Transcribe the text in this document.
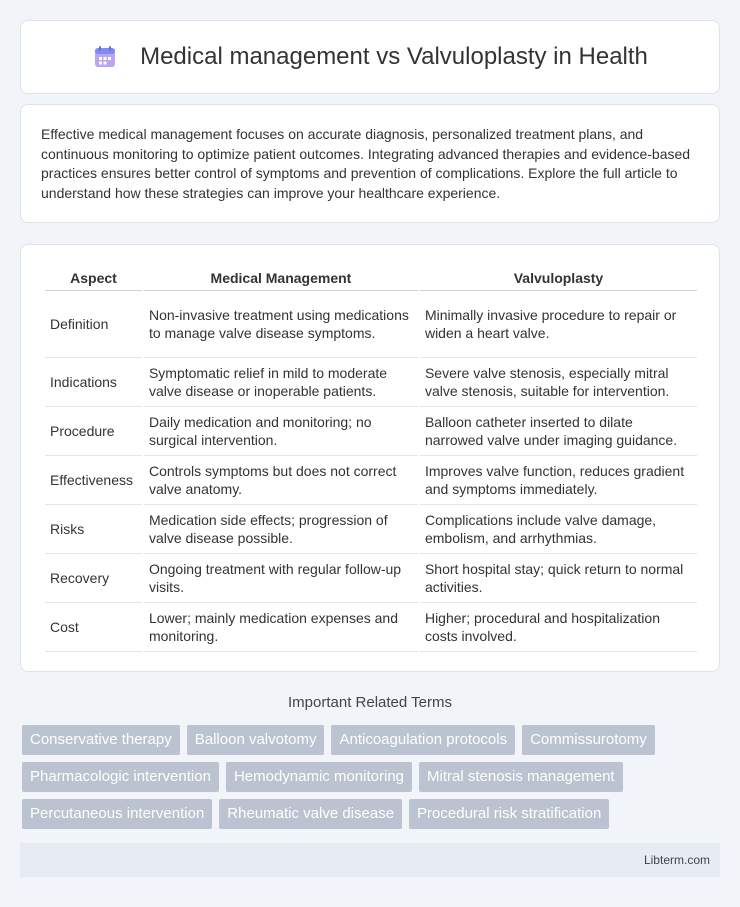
Medical management vs Valvuloplasty in Health

Effective medical management focuses on accurate diagnosis, personalized treatment plans, and continuous monitoring to optimize patient outcomes. Integrating advanced therapies and evidence-based practices ensures better control of symptoms and prevention of complications. Explore the full article to understand how these strategies can improve your healthcare experience.

Aspect	Medical Management	Valvuloplasty
Definition	Non-invasive treatment using medications to manage valve disease symptoms.	Minimally invasive procedure to repair or widen a heart valve.
Indications	Symptomatic relief in mild to moderate valve disease or inoperable patients.	Severe valve stenosis, especially mitral valve stenosis, suitable for intervention.
Procedure	Daily medication and monitoring; no surgical intervention.	Balloon catheter inserted to dilate narrowed valve under imaging guidance.
Effectiveness	Controls symptoms but does not correct valve anatomy.	Improves valve function, reduces gradient and symptoms immediately.
Risks	Medication side effects; progression of valve disease possible.	Complications include valve damage, embolism, and arrhythmias.
Recovery	Ongoing treatment with regular follow-up visits.	Short hospital stay; quick return to normal activities.
Cost	Lower; mainly medication expenses and monitoring.	Higher; procedural and hospitalization costs involved.
Important Related Terms
Conservative therapy	Balloon valvotomy	Anticoagulation protocols	Commissurotomy
Pharmacologic intervention	Hemodynamic monitoring	Mitral stenosis management
Percutaneous intervention	Rheumatic valve disease	Procedural risk stratification
Libterm.com
